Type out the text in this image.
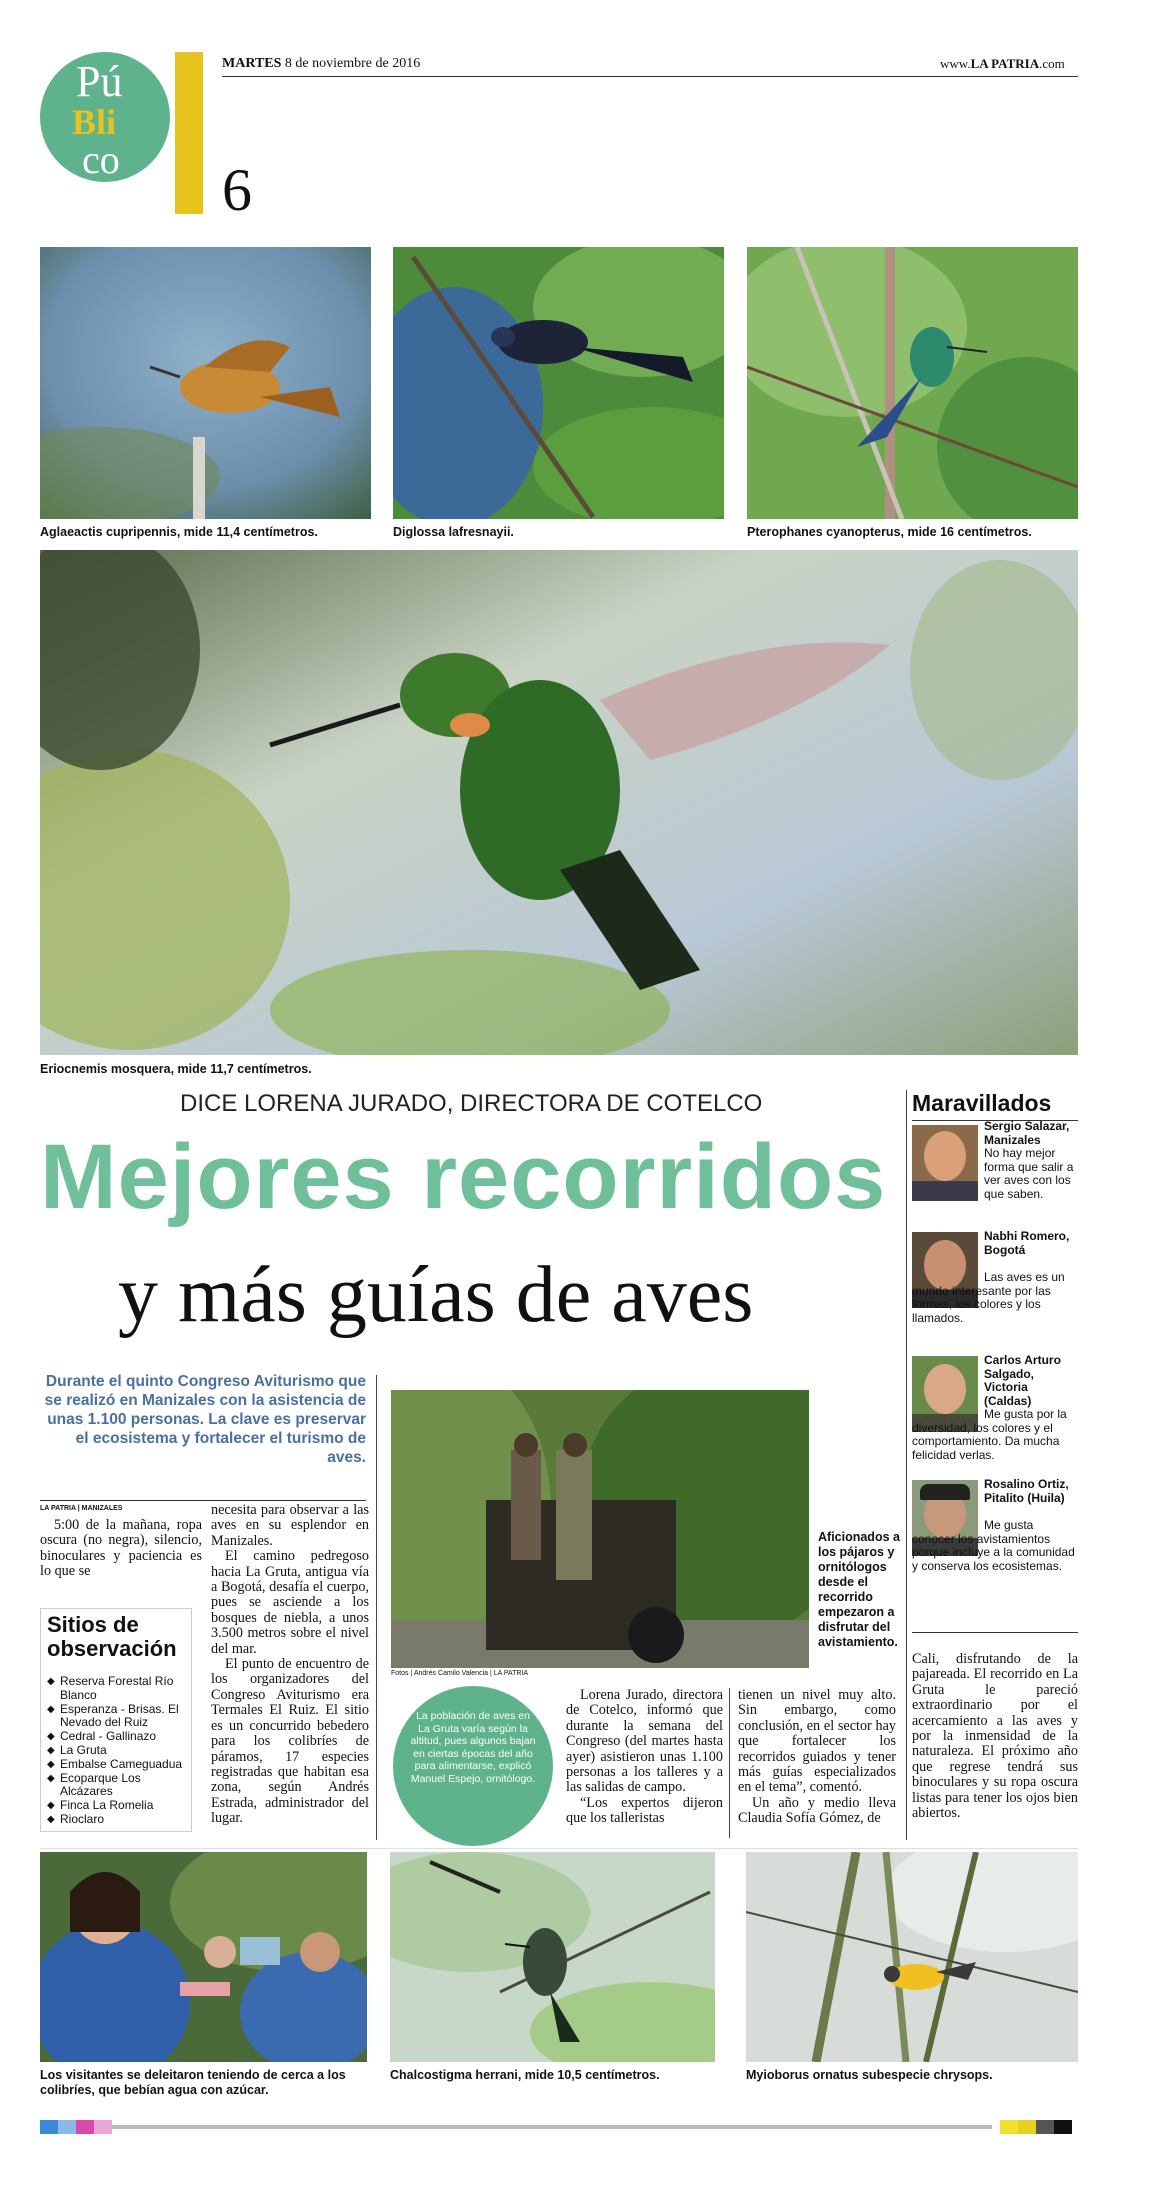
Pú
Bli
co 6
MARTES 8 de noviembre de 2016	www.LA PATRIA.com
Aglaeactis cupripennis, mide 11,4 centímetros.	Diglossa lafresnayii.	Pterophanes cyanopterus, mide 16 centímetros.
Eriocnemis mosquera, mide 11,7 centímetros.
DICE LORENA JURADO, DIRECTORA DE COTELCO
Mejores recorridos
y más guías de aves
Durante el quinto Congreso Aviturismo que se realizó en Manizales con la asistencia de unas 1.100 personas. La clave es preservar el ecosistema y fortalecer el turismo de aves.
LA PATRIA | MANIZALES

5:00 de la mañana, ropa oscura (no negra), silencio, binoculares y paciencia es lo que se

Sitios de
observación
◆ Reserva Forestal Río Blanco
◆ Esperanza - Brisas. El Nevado del Ruiz
◆ Cedral - Gallinazo
◆ La Gruta
◆ Embalse Cameguadua
◆ Ecoparque Los Alcázares
◆ Finca La Romelia
◆ Rioclaro

necesita para observar a las aves en su esplendor en Manizales.

El camino pedregoso hacia La Gruta, antigua vía a Bogotá, desafía el cuerpo, pues se asciende a los bosques de niebla, a unos 3.500 metros sobre el nivel del mar.

El punto de encuentro de los organizadores del Congreso Aviturismo era Termales El Ruiz. El sitio es un concurrido bebedero para los colibríes de páramos, 17 especies registradas que habitan esa zona, según Andrés Estrada, administrador del lugar.

Fotos | Andrés Camilo Valencia | LA PATRIA
Aficionados a los pájaros y ornitólogos desde el recorrido empezaron a disfrutar del avistamiento.
La población de aves en La Gruta varía según la altitud, pues algunos bajan en ciertas épocas del año para alimentarse, explicó Manuel Espejo, ornitólogo.

Lorena Jurado, directora de Cotelco, informó que durante la semana del Congreso (del martes hasta ayer) asistieron unas 1.100 personas a los talleres y a las salidas de campo.

“Los expertos dijeron que los talleristas

tienen un nivel muy alto. Sin embargo, como conclusión, en el sector hay que fortalecer los recorridos guiados y tener más guías especializados en el tema”, comentó.

Un año y medio lleva Claudia Sofía Gómez, de

Cali, disfrutando de la pajareada. El recorrido en La Gruta le pareció extraordinario por el acercamiento a las aves y por la inmensidad de la naturaleza. El próximo año que regrese tendrá sus binoculares y su ropa oscura listas para tener los ojos bien abiertos.

Maravillados
Sergio Salazar, Manizales
No hay mejor forma que salir a ver aves con los que saben.
Nabhi Romero, Bogotá
Las aves es un mundo interesante por las formas, los colores y los llamados.
Carlos Arturo Salgado, Victoria (Caldas)
Me gusta por la diversidad, los colores y el comportamiento. Da mucha felicidad verlas.
Rosalino Ortiz, Pitalito (Huila)
Me gusta conocer los avistamientos porque incluye a la comunidad y conserva los ecosistemas.
Los visitantes se deleitaron teniendo de cerca a los colibríes, que bebían agua con azúcar.
Chalcostigma herrani, mide 10,5 centímetros.	Myioborus ornatus subespecie chrysops.
